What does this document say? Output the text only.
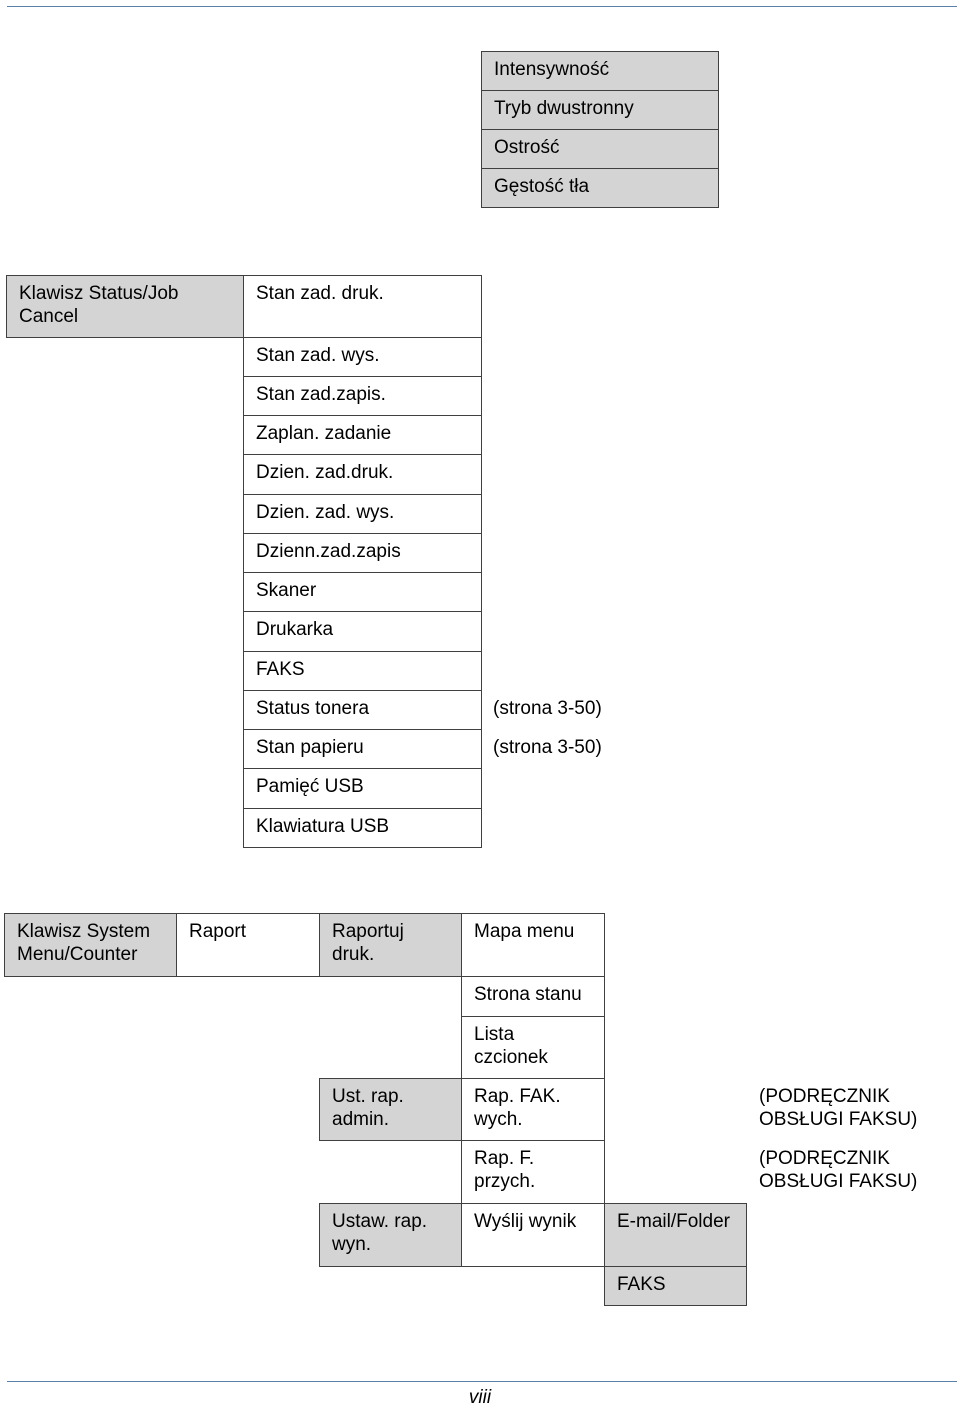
Intensywność
Tryb dwustronny
Ostrość
Gęstość tła
Klawisz Status/Job
Cancel
Stan zad. druk.
Stan zad. wys.
Stan zad.zapis.
Zaplan. zadanie
Dzien. zad.druk.
Dzien. zad. wys.
Dzienn.zad.zapis
Skaner
Drukarka
FAKS
Status tonera
Stan papieru
Pamięć USB
Klawiatura USB
(strona 3-50)
(strona 3-50)
Klawisz System
Menu/Counter
Raport	Raportuj
druk.
Mapa menu
Strona stanu
Lista
czcionek
Ust. rap.
admin.
Rap. FAK.
wych.
Rap. F.
przych.
(PODRĘCZNIK
OBSŁUGI FAKSU)
(PODRĘCZNIK
OBSŁUGI FAKSU)
Ustaw. rap.
wyn.
Wyślij wynik	E-mail/Folder
FAKS
viii
